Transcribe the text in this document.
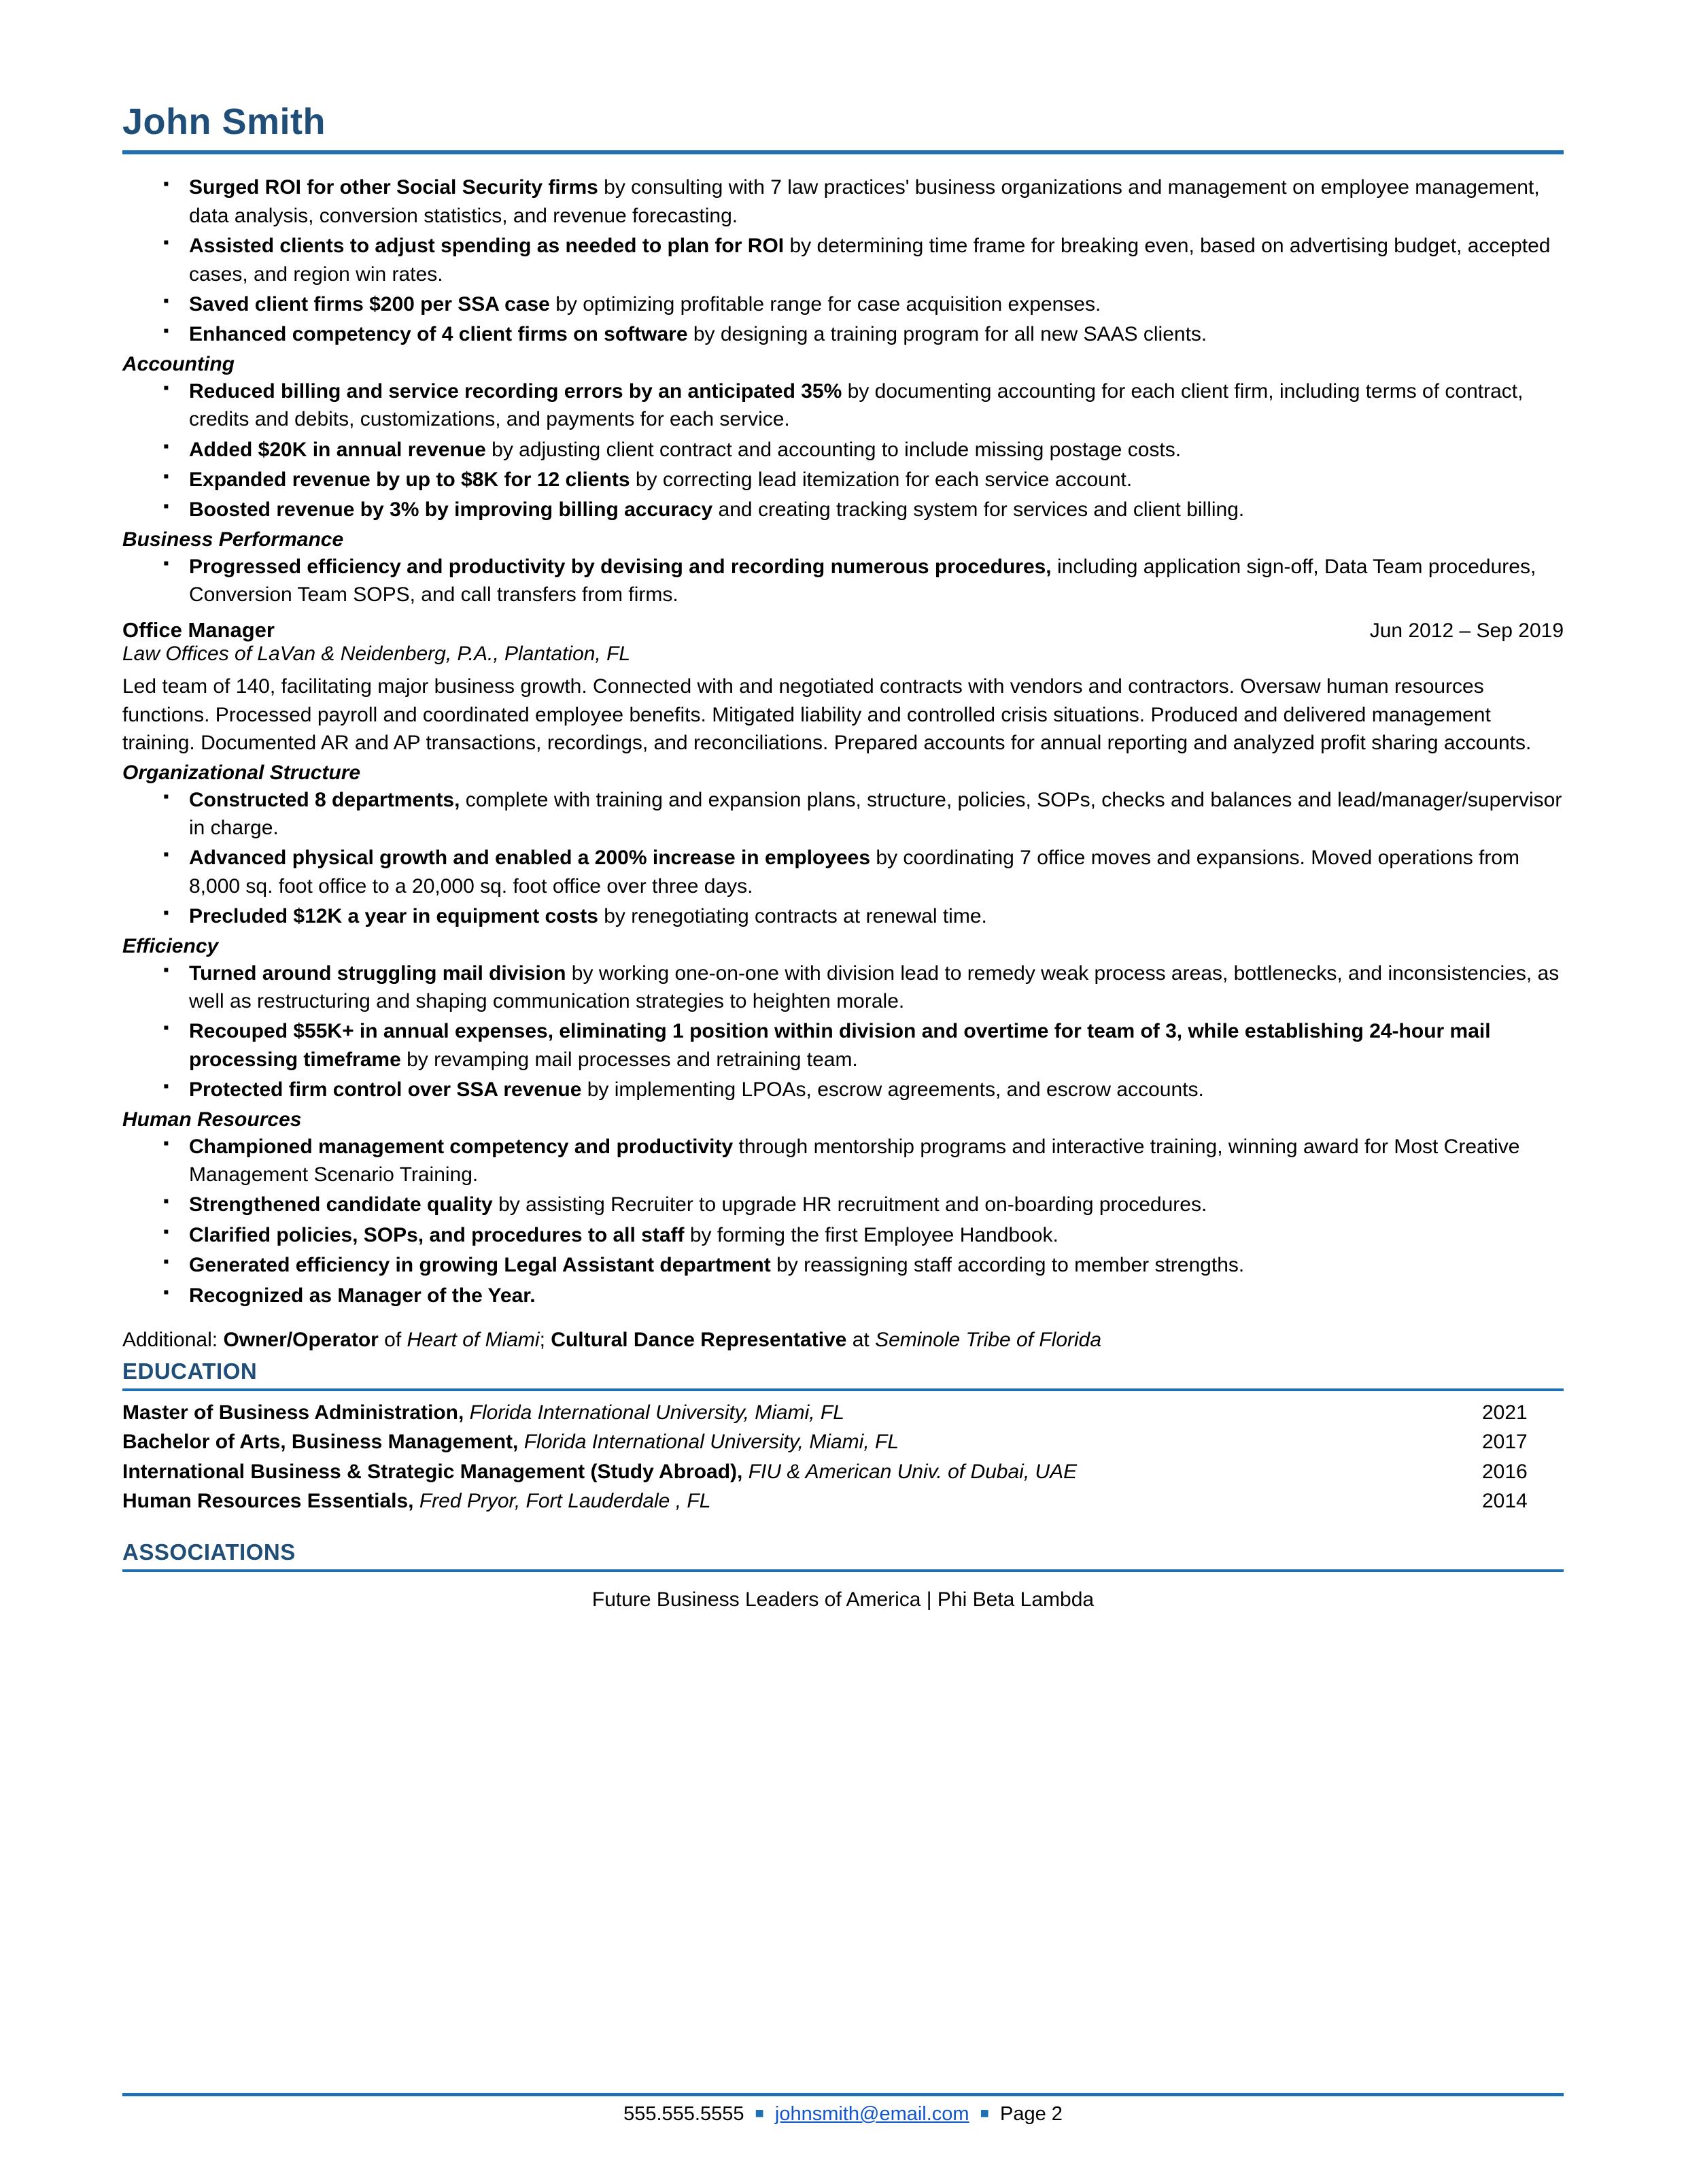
John Smith
▪ Surged ROI for other Social Security firms by consulting with 7 law practices' business organizations and management on employee management, data analysis, conversion statistics, and revenue forecasting.
▪ Assisted clients to adjust spending as needed to plan for ROI by determining time frame for breaking even, based on advertising budget, accepted cases, and region win rates.
▪ Saved client firms $200 per SSA case by optimizing profitable range for case acquisition expenses.
▪ Enhanced competency of 4 client firms on software by designing a training program for all new SAAS clients.
Accounting
▪ Reduced billing and service recording errors by an anticipated 35% by documenting accounting for each client firm, including terms of contract, credits and debits, customizations, and payments for each service.
▪ Added $20K in annual revenue by adjusting client contract and accounting to include missing postage costs.
▪ Expanded revenue by up to $8K for 12 clients by correcting lead itemization for each service account.
▪ Boosted revenue by 3% by improving billing accuracy and creating tracking system for services and client billing.
Business Performance
▪ Progressed efficiency and productivity by devising and recording numerous procedures, including application sign-off, Data Team procedures, Conversion Team SOPS, and call transfers from firms.
Office Manager	Jun 2012 – Sep 2019
Law Offices of LaVan & Neidenberg, P.A., Plantation, FL
Led team of 140, facilitating major business growth. Connected with and negotiated contracts with vendors and contractors. Oversaw human resources functions. Processed payroll and coordinated employee benefits. Mitigated liability and controlled crisis situations. Produced and delivered management training. Documented AR and AP transactions, recordings, and reconciliations. Prepared accounts for annual reporting and analyzed profit sharing accounts.
Organizational Structure
▪ Constructed 8 departments, complete with training and expansion plans, structure, policies, SOPs, checks and balances and lead/manager/supervisor in charge.
▪ Advanced physical growth and enabled a 200% increase in employees by coordinating 7 office moves and expansions. Moved operations from 8,000 sq. foot office to a 20,000 sq. foot office over three days.
▪ Precluded $12K a year in equipment costs by renegotiating contracts at renewal time.
Efficiency
▪ Turned around struggling mail division by working one-on-one with division lead to remedy weak process areas, bottlenecks, and inconsistencies, as well as restructuring and shaping communication strategies to heighten morale.
▪ Recouped $55K+ in annual expenses, eliminating 1 position within division and overtime for team of 3, while establishing 24-hour mail processing timeframe by revamping mail processes and retraining team.
▪ Protected firm control over SSA revenue by implementing LPOAs, escrow agreements, and escrow accounts.
Human Resources
▪ Championed management competency and productivity through mentorship programs and interactive training, winning award for Most Creative Management Scenario Training.
▪ Strengthened candidate quality by assisting Recruiter to upgrade HR recruitment and on-boarding procedures.
▪ Clarified policies, SOPs, and procedures to all staff by forming the first Employee Handbook.
▪ Generated efficiency in growing Legal Assistant department by reassigning staff according to member strengths.
▪ Recognized as Manager of the Year.
Additional: Owner/Operator of Heart of Miami; Cultural Dance Representative at Seminole Tribe of Florida
EDUCATION
Master of Business Administration, Florida International University, Miami, FL	2021
Bachelor of Arts, Business Management, Florida International University, Miami, FL	2017
International Business & Strategic Management (Study Abroad), FIU & American Univ. of Dubai, UAE	2016
Human Resources Essentials, Fred Pryor, Fort Lauderdale , FL	2014
ASSOCIATIONS
Future Business Leaders of America | Phi Beta Lambda
555.555.5555 ■ johnsmith@email.com ■ Page 2
